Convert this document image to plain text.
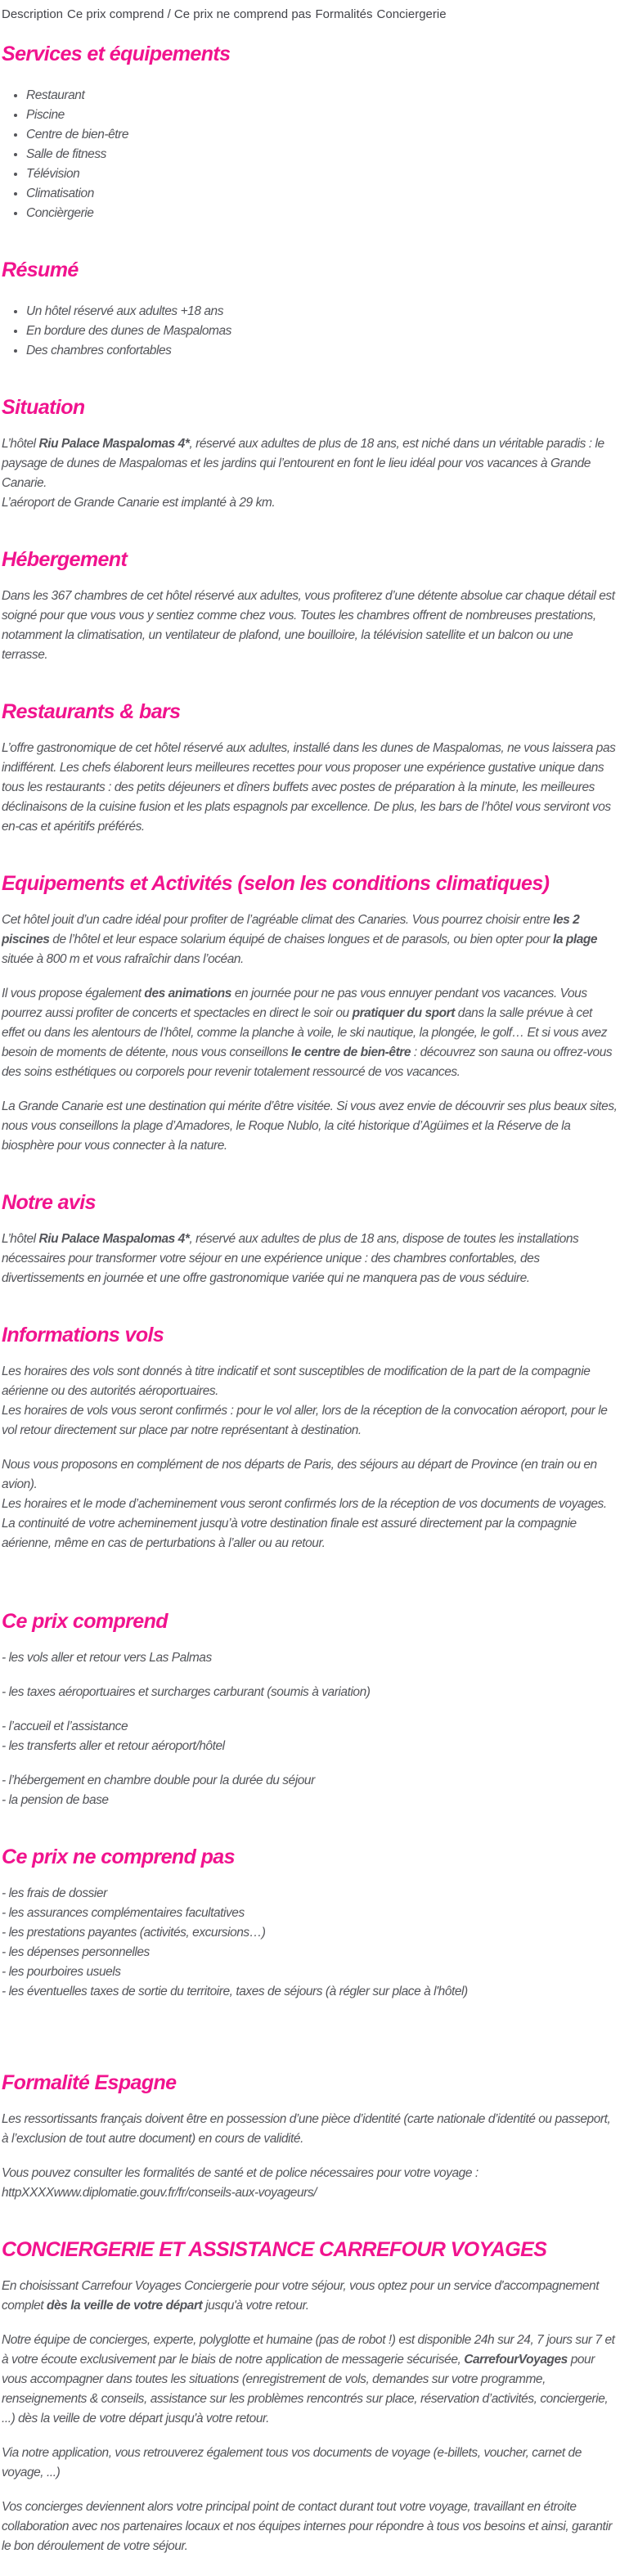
Description Ce prix comprend / Ce prix ne comprend pas Formalités Conciergerie
Services et équipements
• Restaurant
• Piscine
• Centre de bien-être
• Salle de fitness
• Télévision
• Climatisation
• Concièrgerie
Résumé
• Un hôtel réservé aux adultes +18 ans
• En bordure des dunes de Maspalomas
• Des chambres confortables
Situation

L’hôtel Riu Palace Maspalomas 4*, réservé aux adultes de plus de 18 ans, est niché dans un véritable paradis : le paysage de dunes de Maspalomas et les jardins qui l’entourent en font le lieu idéal pour vos vacances à Grande Canarie.
L’aéroport de Grande Canarie est implanté à 29 km.

Hébergement

Dans les 367 chambres de cet hôtel réservé aux adultes, vous profiterez d’une détente absolue car chaque détail est soigné pour que vous vous y sentiez comme chez vous. Toutes les chambres offrent de nombreuses prestations, notamment la climatisation, un ventilateur de plafond, une bouilloire, la télévision satellite et un balcon ou une terrasse.

Restaurants & bars

L’offre gastronomique de cet hôtel réservé aux adultes, installé dans les dunes de Maspalomas, ne vous laissera pas indifférent. Les chefs élaborent leurs meilleures recettes pour vous proposer une expérience gustative unique dans tous les restaurants : des petits déjeuners et dîners buffets avec postes de préparation à la minute, les meilleures déclinaisons de la cuisine fusion et les plats espagnols par excellence. De plus, les bars de l’hôtel vous serviront vos en-cas et apéritifs préférés.

Equipements et Activités (selon les conditions climatiques)

Cet hôtel jouit d’un cadre idéal pour profiter de l’agréable climat des Canaries. Vous pourrez choisir entre les 2 piscines de l’hôtel et leur espace solarium équipé de chaises longues et de parasols, ou bien opter pour la plage située à 800 m et vous rafraîchir dans l’océan.

Il vous propose également des animations en journée pour ne pas vous ennuyer pendant vos vacances. Vous pourrez aussi profiter de concerts et spectacles en direct le soir ou pratiquer du sport dans la salle prévue à cet effet ou dans les alentours de l’hôtel, comme la planche à voile, le ski nautique, la plongée, le golf… Et si vous avez besoin de moments de détente, nous vous conseillons le centre de bien-être : découvrez son sauna ou offrez-vous des soins esthétiques ou corporels pour revenir totalement ressourcé de vos vacances.

La Grande Canarie est une destination qui mérite d’être visitée. Si vous avez envie de découvrir ses plus beaux sites, nous vous conseillons la plage d’Amadores, le Roque Nublo, la cité historique d’Agüimes et la Réserve de la biosphère pour vous connecter à la nature.

Notre avis

L’hôtel Riu Palace Maspalomas 4*, réservé aux adultes de plus de 18 ans, dispose de toutes les installations nécessaires pour transformer votre séjour en une expérience unique : des chambres confortables, des divertissements en journée et une offre gastronomique variée qui ne manquera pas de vous séduire.

Informations vols

Les horaires des vols sont donnés à titre indicatif et sont susceptibles de modification de la part de la compagnie aérienne ou des autorités aéroportuaires.
Les horaires de vols vous seront confirmés : pour le vol aller, lors de la réception de la convocation aéroport, pour le vol retour directement sur place par notre représentant à destination.

Nous vous proposons en complément de nos départs de Paris, des séjours au départ de Province (en train ou en avion).
Les horaires et le mode d’acheminement vous seront confirmés lors de la réception de vos documents de voyages.
La continuité de votre acheminement jusqu’à votre destination finale est assuré directement par la compagnie aérienne, même en cas de perturbations à l’aller ou au retour.

Ce prix comprend

- les vols aller et retour vers Las Palmas

- les taxes aéroportuaires et surcharges carburant (soumis à variation)

- l’accueil et l’assistance
- les transferts aller et retour aéroport/hôtel

- l’hébergement en chambre double pour la durée du séjour
- la pension de base

Ce prix ne comprend pas

- les frais de dossier
- les assurances complémentaires facultatives
- les prestations payantes (activités, excursions…)
- les dépenses personnelles
- les pourboires usuels
- les éventuelles taxes de sortie du territoire, taxes de séjours (à régler sur place à l'hôtel)

Formalité Espagne

Les ressortissants français doivent être en possession d’une pièce d’identité (carte nationale d’identité ou passeport, à l’exclusion de tout autre document) en cours de validité.

Vous pouvez consulter les formalités de santé et de police nécessaires pour votre voyage :
httpXXXXwww.diplomatie.gouv.fr/fr/conseils-aux-voyageurs/

CONCIERGERIE ET ASSISTANCE CARREFOUR VOYAGES

En choisissant Carrefour Voyages Conciergerie pour votre séjour, vous optez pour un service d'accompagnement complet dès la veille de votre départ jusqu'à votre retour.

Notre équipe de concierges, experte, polyglotte et humaine (pas de robot !) est disponible 24h sur 24, 7 jours sur 7 et à votre écoute exclusivement par le biais de notre application de messagerie sécurisée, CarrefourVoyages pour vous accompagner dans toutes les situations (enregistrement de vols, demandes sur votre programme, renseignements & conseils, assistance sur les problèmes rencontrés sur place, réservation d’activités, conciergerie, ...) dès la veille de votre départ jusqu'à votre retour.

Via notre application, vous retrouverez également tous vos documents de voyage (e-billets, voucher, carnet de voyage, ...)

Vos concierges deviennent alors votre principal point de contact durant tout votre voyage, travaillant en étroite collaboration avec nos partenaires locaux et nos équipes internes pour répondre à tous vos besoins et ainsi, garantir le bon déroulement de votre séjour.
